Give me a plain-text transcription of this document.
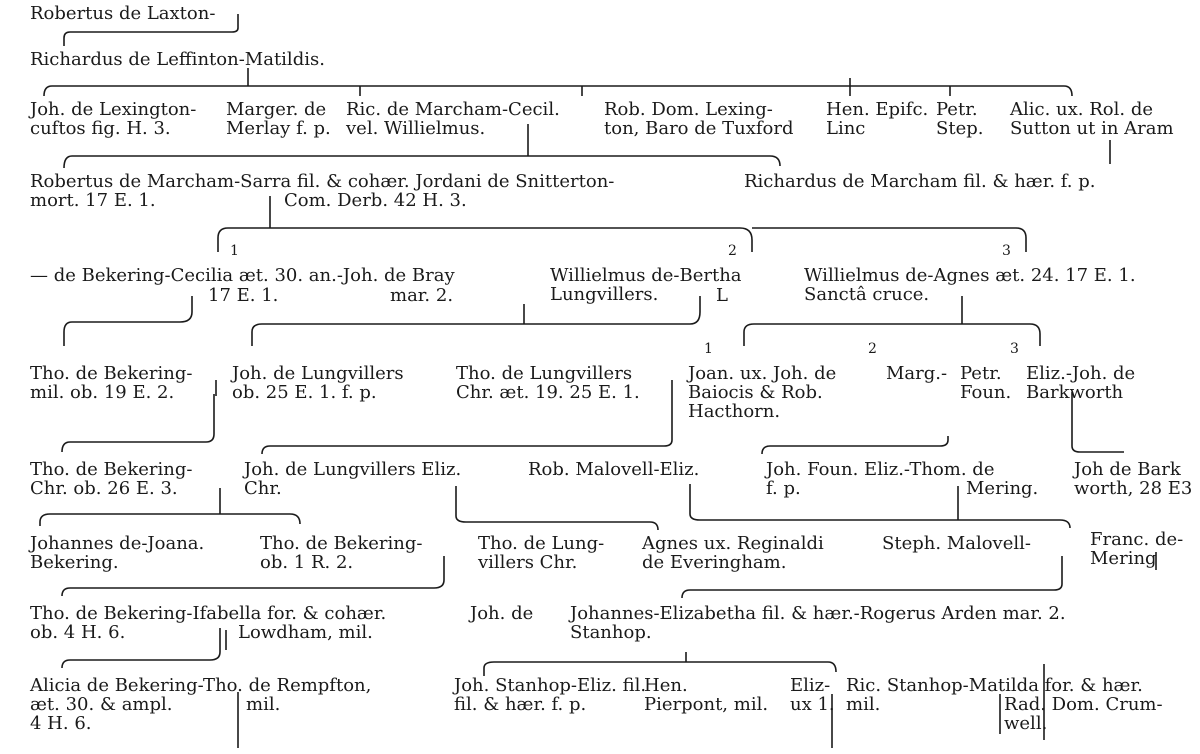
Robertus de Laxton-

Richardus de Leffinton-Matildis.

Joh. de Lexington-
cuftos fig. H. 3.

Marger. de
Merlay f. p.

Ric. de Marcham-Cecil.
vel. Willielmus.

Rob. Dom. Lexing-
ton, Baro de Tuxford

Hen. Epifc.
Linc

Petr.
Step.

Alic. ux. Rol. de
Sutton ut in Aram

Robertus de Marcham-Sarra fil. & cohær. Jordani de Snitterton-
mort. 17 E. 1.	Com. Derb. 42 H. 3.

Richardus de Marcham fil. & hær. f. p.

1	2	3

— de Bekering-Cecilia æt. 30. an.-Joh. de Bray

17 E. 1.	mar. 2.

Willielmus de-Bertha
Lungvillers.	L

Willielmus de-Agnes æt. 24. 17 E. 1.
Sanctâ cruce.

1	2	3

Tho. de Bekering-
mil. ob. 19 E. 2.

Joh. de Lungvillers
ob. 25 E. 1. f. p.

Tho. de Lungvillers
Chr. æt. 19. 25 E. 1.

Joan. ux. Joh. de
Baiocis & Rob.
Hacthorn.

Marg.- Petr.
Foun.

Eliz.-Joh. de
Barkworth

Tho. de Bekering-
Chr. ob. 26 E. 3.

Joh. de Lungvillers Eliz.
Chr.

Rob. Malovell-Eliz.	Joh. Foun. Eliz.-Thom. de
f. p.	Mering.

Joh de Bark
worth, 28 E3

Johannes de-Joana.
Bekering.

Tho. de Bekering-
ob. 1 R. 2.

Tho. de Lung-
villers Chr.

Agnes ux. Reginaldi
de Everingham.

Steph. Malovell-	Franc. de-
Mering

Tho. de Bekering-Ifabella for. & cohær.
ob. 4 H. 6.	Lowdham, mil.

Joh. de Johannes-Elizabetha fil. & hær.-Rogerus Arden mar. 2.
Stanhop.

Alicia de Bekering-Tho. de Rempfton,
æt. 30. & ampl.
4 H. 6.

mil.

Joh. Stanhop-Eliz. fil.
fil. & hær. f. p.

Hen.
Pierpont, mil.

Eliz-
ux 1.

Ric. Stanhop-Matilda for. & hær.
mil.	Rad. Dom. Crum-
well.
